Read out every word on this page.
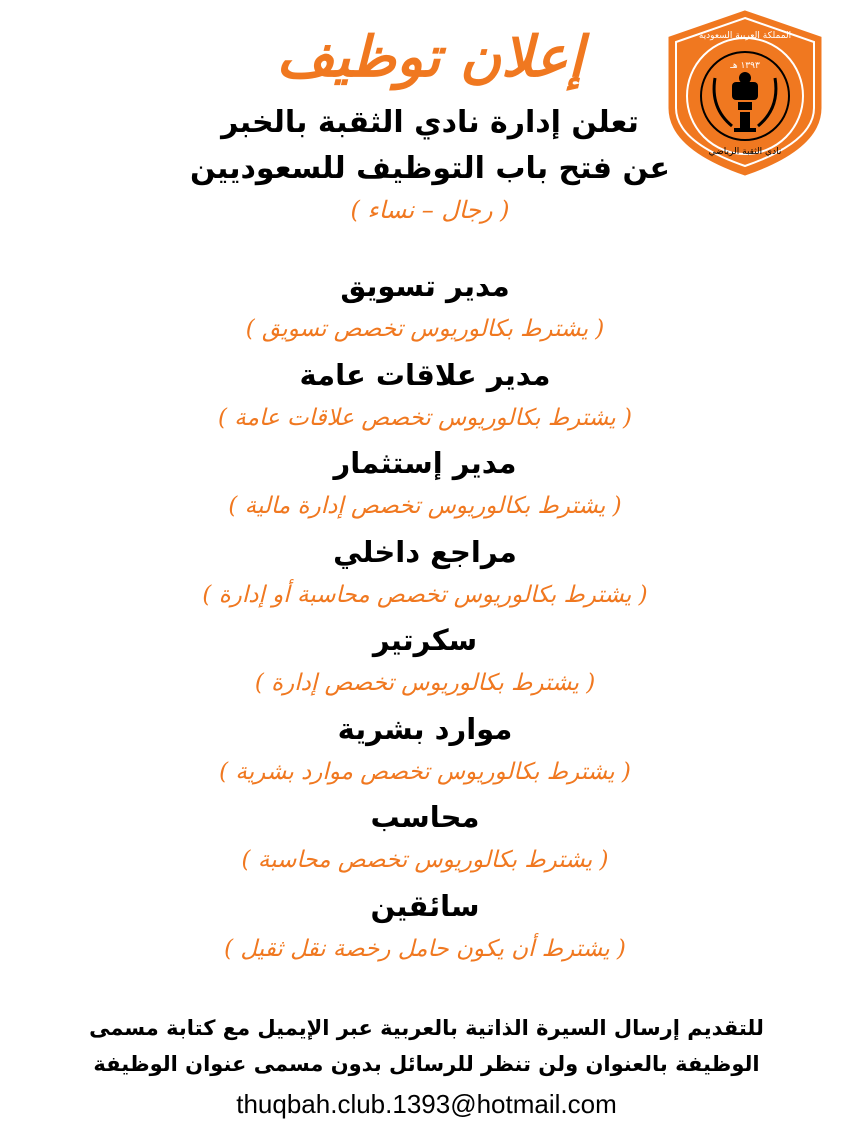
المملكة العربية السعودية
١٣٩٣ هـ
نادي الثقبة الرياضي
إعلان توظيف
تعلن إدارة نادي الثقبة بالخبر
عن فتح باب التوظيف للسعوديين
( رجال – نساء )
مدير تسويق
( يشترط بكالوريوس تخصص تسويق )
مدير علاقات عامة
( يشترط بكالوريوس تخصص علاقات عامة )
مدير إستثمار
( يشترط بكالوريوس تخصص إدارة مالية )
مراجع داخلي
( يشترط بكالوريوس تخصص محاسبة أو إدارة )
سكرتير
( يشترط بكالوريوس تخصص إدارة )
موارد بشرية
( يشترط بكالوريوس تخصص موارد بشرية )
محاسب
( يشترط بكالوريوس تخصص محاسبة )
سائقين
( يشترط أن يكون حامل رخصة نقل ثقيل )
للتقديم إرسال السيرة الذاتية بالعربية عبر الإيميل مع كتابة مسمى
الوظيفة بالعنوان ولن تنظر للرسائل بدون مسمى عنوان الوظيفة
thuqbah.club.1393@hotmail.com
